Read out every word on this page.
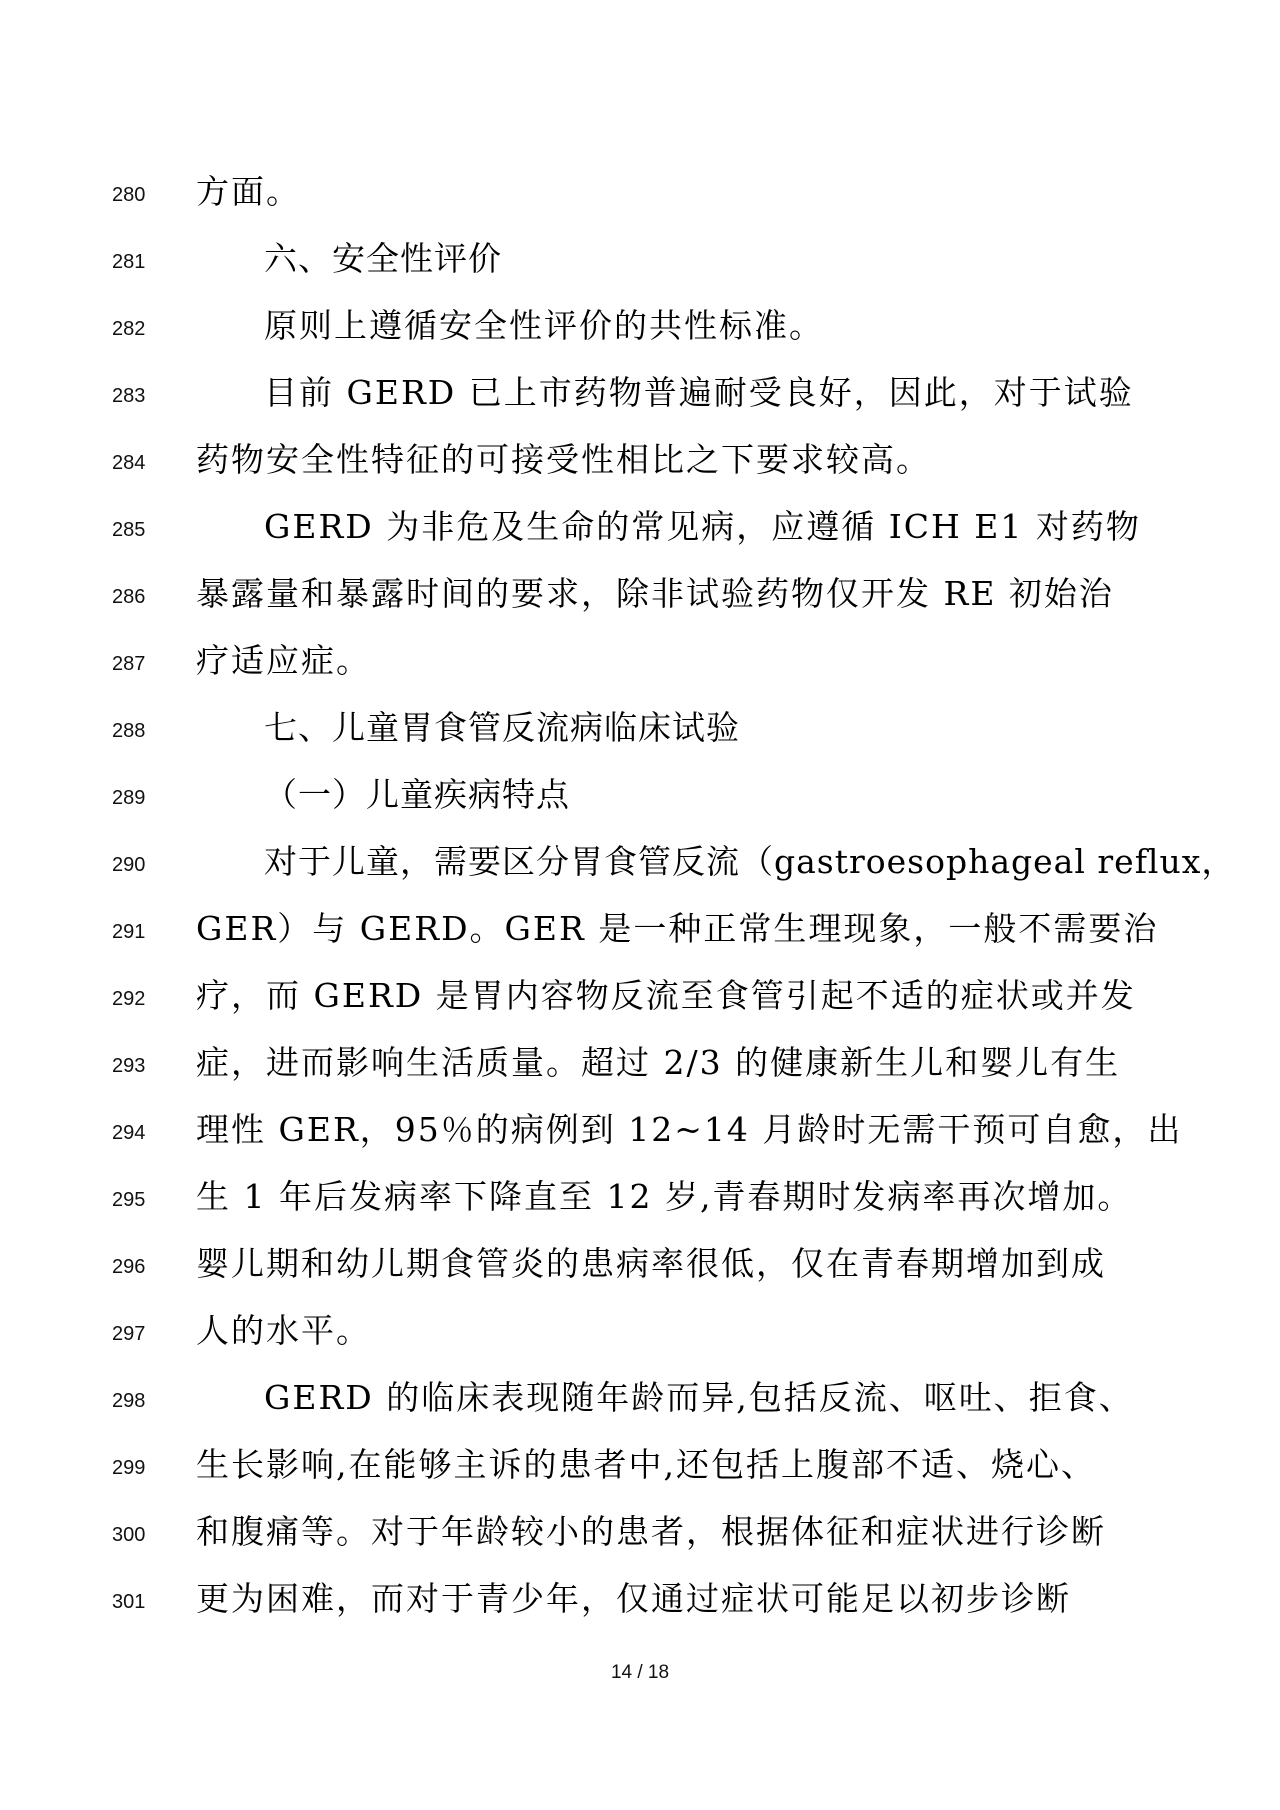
280	方面。
281	六、安全性评价
282	原则上遵循安全性评价的共性标准。
283	目前 GERD 已上市药物普遍耐受良好，因此，对于试验
284	药物安全性特征的可接受性相比之下要求较高。
285	GERD 为非危及生命的常见病，应遵循 ICH E1 对药物
286	暴露量和暴露时间的要求，除非试验药物仅开发 RE 初始治
287	疗适应症。
288	七、儿童胃食管反流病临床试验
289	（一）儿童疾病特点
290	对于儿童，需要区分胃食管反流（gastroesophageal reflux，
291	GER）与 GERD。GER 是一种正常生理现象，一般不需要治
292	疗，而 GERD 是胃内容物反流至食管引起不适的症状或并发
293	症，进而影响生活质量。超过 2/3 的健康新生儿和婴儿有生
294	理性 GER，95％的病例到 12~14 月龄时无需干预可自愈，出
295	生 1 年后发病率下降直至 12 岁,青春期时发病率再次增加。
296	婴儿期和幼儿期食管炎的患病率很低，仅在青春期增加到成
297	人的水平。
298	GERD 的临床表现随年龄而异,包括反流、呕吐、拒食、
299	生长影响,在能够主诉的患者中,还包括上腹部不适、烧心、
300	和腹痛等。对于年龄较小的患者，根据体征和症状进行诊断
301	更为困难，而对于青少年，仅通过症状可能足以初步诊断
14 / 18
